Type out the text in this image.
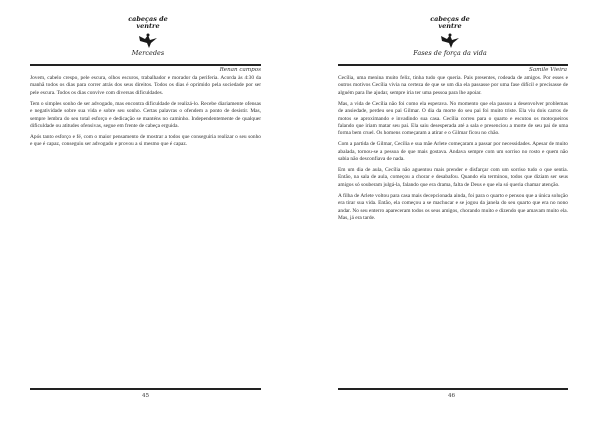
cabeças de
ventre
Mercedes
Renan campos

Jovem, cabelo crespo, pele escura, olhos escuros, trabalhador e morador da periferia. Acorda às 4:30 da manhã todos os dias para correr atrás dos seus direitos. Todos os dias é oprimido pela sociedade por ser pele escura. Todos os dias convive com diversas dificuldades.

Tem o simples sonho de ser advogado, mas encontra dificuldade de realizá-lo. Recebe diariamente ofensas e negatividade sobre sua vida e sobre seu sonho. Certas palavras o ofendem a ponto de desistir. Mas, sempre lembra do seu total esforço e dedicação se manténs no caminho. Independentemente de qualquer dificuldade ou atitudes ofensivas, segue em frente de cabeça erguida.

Após tanto esforço e fé, com o maior pensamento de mostrar a todos que conseguiria realizar o seu sonho e que é capaz, conseguiu ser advogado e provou a si mesmo que é capaz.

45
cabeças de
ventre
Fases de força da vida
Samile Vieira

Cecília, uma menina muito feliz, tinha tudo que queria. Pais presentes, rodeada de amigos. Por esses e outros motivos Cecília vivia na certeza de que se um dia ela passasse por uma fase difícil e precisasse de alguém para lhe ajudar, sempre iria ter uma pessoa para lhe apoiar.

Mas, a vida de Cecília não foi como ela esperava. No momento que ela passou a desenvolver problemas de ansiedade, perdeu seu pai Gilmar. O dia da morte do seu pai foi muito triste. Ela viu dois carros de motos se aproximando e invadindo sua casa. Cecília correu para o quarto e escutou os motoqueiros falando que iriam matar seu pai. Ela saiu desesperada até a sala e presenciou a morte de seu pai de uma forma bem cruel. Os homens começaram a atirar e o Gilmar ficou no chão.

Com a partida de Gilmar, Cecília e sua mãe Arlete começaram a passar por necessidades. Apesar de muito abalada, tornou-se a pessoa de que mais gostava. Andava sempre com um sorriso no rosto e quem não sabia não desconfiava de nada.

Em um dia de aula, Cecília não aguentou mais prender e disfarçar com um sorriso tudo o que sentia. Então, na sala de aula, começou a chorar e desabafou. Quando ela terminou, todos que diziam ser seus amigos só souberam julgá-la, falando que era drama, falta de Deus e que ela só queria chamar atenção.

A filha de Arlete voltou para casa mais decepcionada ainda, foi para o quarto e pensou que a única solução era tirar sua vida. Então, ela começou a se machucar e se jogou da janela do seu quarto que era no nono andar. No seu enterro apareceram todos os seus amigos, chorando muito e dizendo que amavam muito ela. Mas, já era tarde.

46
